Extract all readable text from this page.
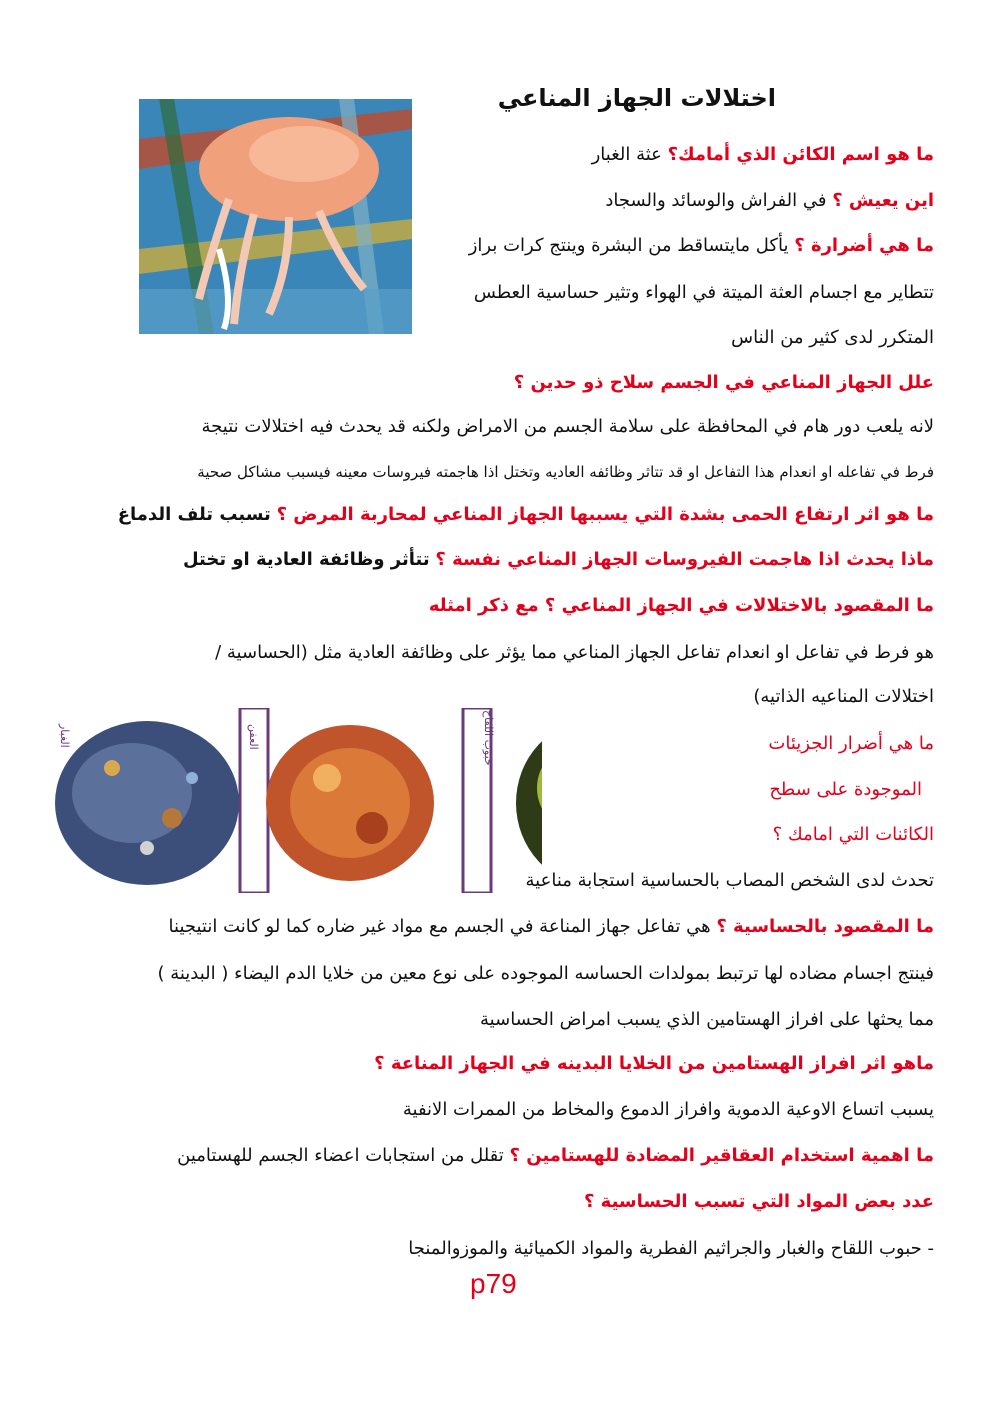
اختلالات الجهاز المناعي
الغبار	العفن	حبوب اللقاح
ما هو اسم الكائن الذي أمامك؟ عثة الغبار
اين يعيش ؟ في الفراش والوسائد والسجاد
ما هي أضرارة ؟ يأكل مايتساقط من البشرة وينتج كرات براز
تتطاير مع اجسام العثة الميتة في الهواء وتثير حساسية العطس
المتكرر لدى كثير من الناس
علل الجهاز المناعي في الجسم سلاح ذو حدين ؟
لانه يلعب دور هام في المحافظة على سلامة الجسم من الامراض ولكنه قد يحدث فيه اختلالات نتيجة
فرط في تفاعله او انعدام هذا التفاعل او قد تتاثر وظائفه العاديه وتختل اذا هاجمته فيروسات معينه فيسبب مشاكل صحية
ما هو اثر ارتفاع الحمى بشدة التي يسببها الجهاز المناعي لمحاربة المرض ؟ تسبب تلف الدماغ
ماذا يحدث اذا هاجمت الفيروسات الجهاز المناعي نفسة ؟ تتأثر وظائفة العادية او تختل
ما المقصود بالاختلالات في الجهاز المناعي ؟ مع ذكر امثله
هو فرط في تفاعل او انعدام تفاعل الجهاز المناعي مما يؤثر على وظائفة العادية مثل (الحساسية /
اختلالات المناعيه الذاتيه)
ما هي أضرار الجزيئات
الموجودة على سطح
الكائنات التي امامك ؟
تحدث لدى الشخص المصاب بالحساسية استجابة مناعية
ما المقصود بالحساسية ؟ هي تفاعل جهاز المناعة في الجسم مع مواد غير ضاره كما لو كانت انتيجينا
فينتج اجسام مضاده لها ترتبط بمولدات الحساسه الموجوده على نوع معين من خلايا الدم اليضاء ( البدينة )
مما يحثها على افراز الهستامين الذي يسبب امراض الحساسية
ماهو اثر افراز الهستامين من الخلايا البدينه في الجهاز المناعة ؟
يسبب اتساع الاوعية الدموية وافراز الدموع والمخاط من الممرات الانفية
ما اهمية استخدام العقاقير المضادة للهستامين ؟ تقلل من استجابات اعضاء الجسم للهستامين
عدد بعض المواد التي تسبب الحساسية ؟
- حبوب اللقاح والغبار والجراثيم الفطرية والمواد الكميائية والموزوالمنجا
p79
